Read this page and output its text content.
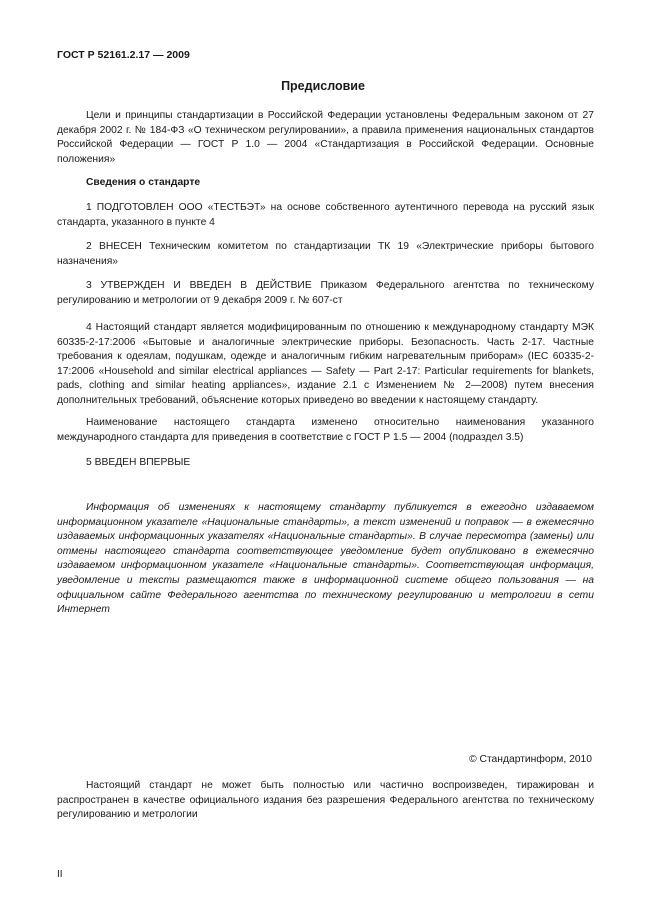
ГОСТ Р 52161.2.17 — 2009
Предисловие

Цели и принципы стандартизации в Российской Федерации установлены Федеральным законом от 27 декабря 2002 г. № 184-ФЗ «О техническом регулировании», а правила применения национальных стандартов Российской Федерации — ГОСТ Р 1.0 — 2004 «Стандартизация в Российской Федерации. Основные положения»

Сведения о стандарте

1 ПОДГОТОВЛЕН ООО «ТЕСТБЭТ» на основе собственного аутентичного перевода на русский язык стандарта, указанного в пункте 4

2 ВНЕСЕН Техническим комитетом по стандартизации ТК 19 «Электрические приборы бытового назначения»

3 УТВЕРЖДЕН И ВВЕДЕН В ДЕЙСТВИЕ Приказом Федерального агентства по техническому регулированию и метрологии от 9 декабря 2009 г. № 607-ст

4 Настоящий стандарт является модифицированным по отношению к международному стандарту МЭК 60335-2-17:2006 «Бытовые и аналогичные электрические приборы. Безопасность. Часть 2-17. Частные требования к одеялам, подушкам, одежде и аналогичным гибким нагревательным приборам» (IEC 60335-2-17:2006 «Household and similar electrical appliances — Safety — Part 2-17: Particular requirements for blankets, pads, clothing and similar heating appliances», издание 2.1 с Изменением № 2—2008) путем внесения дополнительных требований, объяснение которых приведено во введении к настоящему стандарту.

Наименование настоящего стандарта изменено относительно наименования указанного международного стандарта для приведения в соответствие с ГОСТ Р 1.5 — 2004 (подраздел 3.5)

5 ВВЕДЕН ВПЕРВЫЕ

Информация об изменениях к настоящему стандарту публикуется в ежегодно издаваемом информационном указателе «Национальные стандарты», а текст изменений и поправок — в ежемесячно издаваемых информационных указателях «Национальные стандарты». В случае пересмотра (замены) или отмены настоящего стандарта соответствующее уведомление будет опубликовано в ежемесячно издаваемом информационном указателе «Национальные стандарты». Соответствующая информация, уведомление и тексты размещаются также в информационной системе общего пользования — на официальном сайте Федерального агентства по техническому регулированию и метрологии в сети Интернет

© Стандартинформ, 2010

Настоящий стандарт не может быть полностью или частично воспроизведен, тиражирован и распространен в качестве официального издания без разрешения Федерального агентства по техническому регулированию и метрологии

II
